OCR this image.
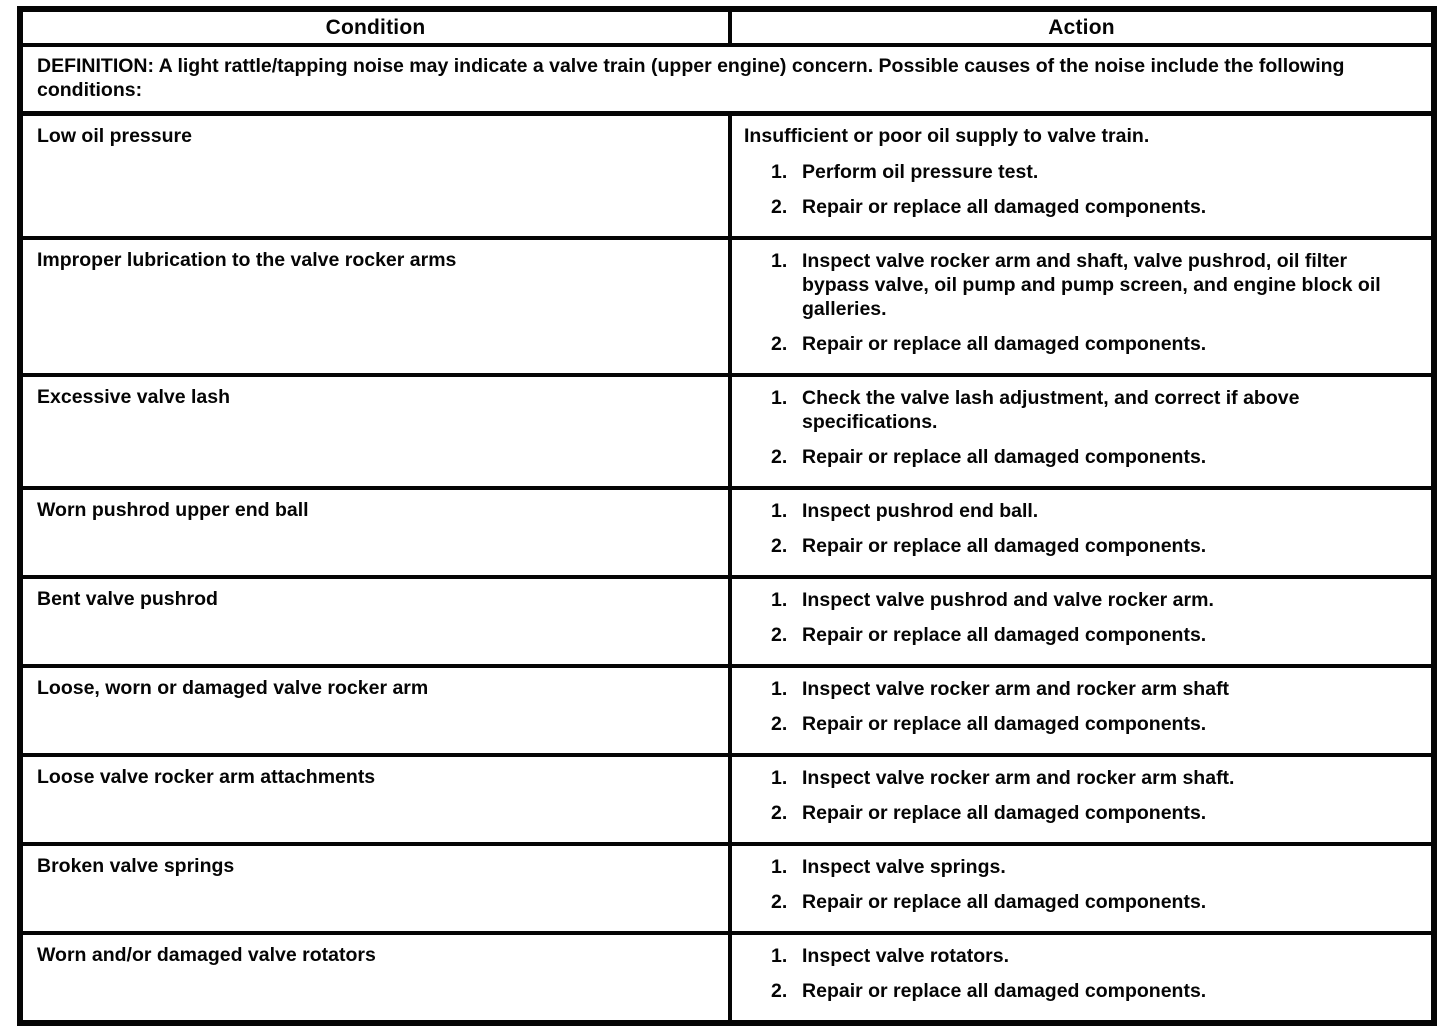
Condition	Action
DEFINITION: A light rattle/tapping noise may indicate a valve train (upper engine) concern. Possible causes of the noise include the following conditions:	
Low oil pressure	Insufficient or poor oil supply to valve train.
Perform oil pressure test.
Repair or replace all damaged components.

Improper lubrication to the valve rocker arms	Inspect valve rocker arm and shaft, valve pushrod, oil filter bypass valve, oil pump and pump screen, and engine block oil galleries.
Repair or replace all damaged components.

Excessive valve lash	Check the valve lash adjustment, and correct if above specifications.
Repair or replace all damaged components.

Worn pushrod upper end ball	Inspect pushrod end ball.
Repair or replace all damaged components.

Bent valve pushrod	Inspect valve pushrod and valve rocker arm.
Repair or replace all damaged components.

Loose, worn or damaged valve rocker arm	Inspect valve rocker arm and rocker arm shaft
Repair or replace all damaged components.

Loose valve rocker arm attachments	Inspect valve rocker arm and rocker arm shaft.
Repair or replace all damaged components.

Broken valve springs	Inspect valve springs.
Repair or replace all damaged components.

Worn and/or damaged valve rotators	Inspect valve rotators.
Repair or replace all damaged components.
